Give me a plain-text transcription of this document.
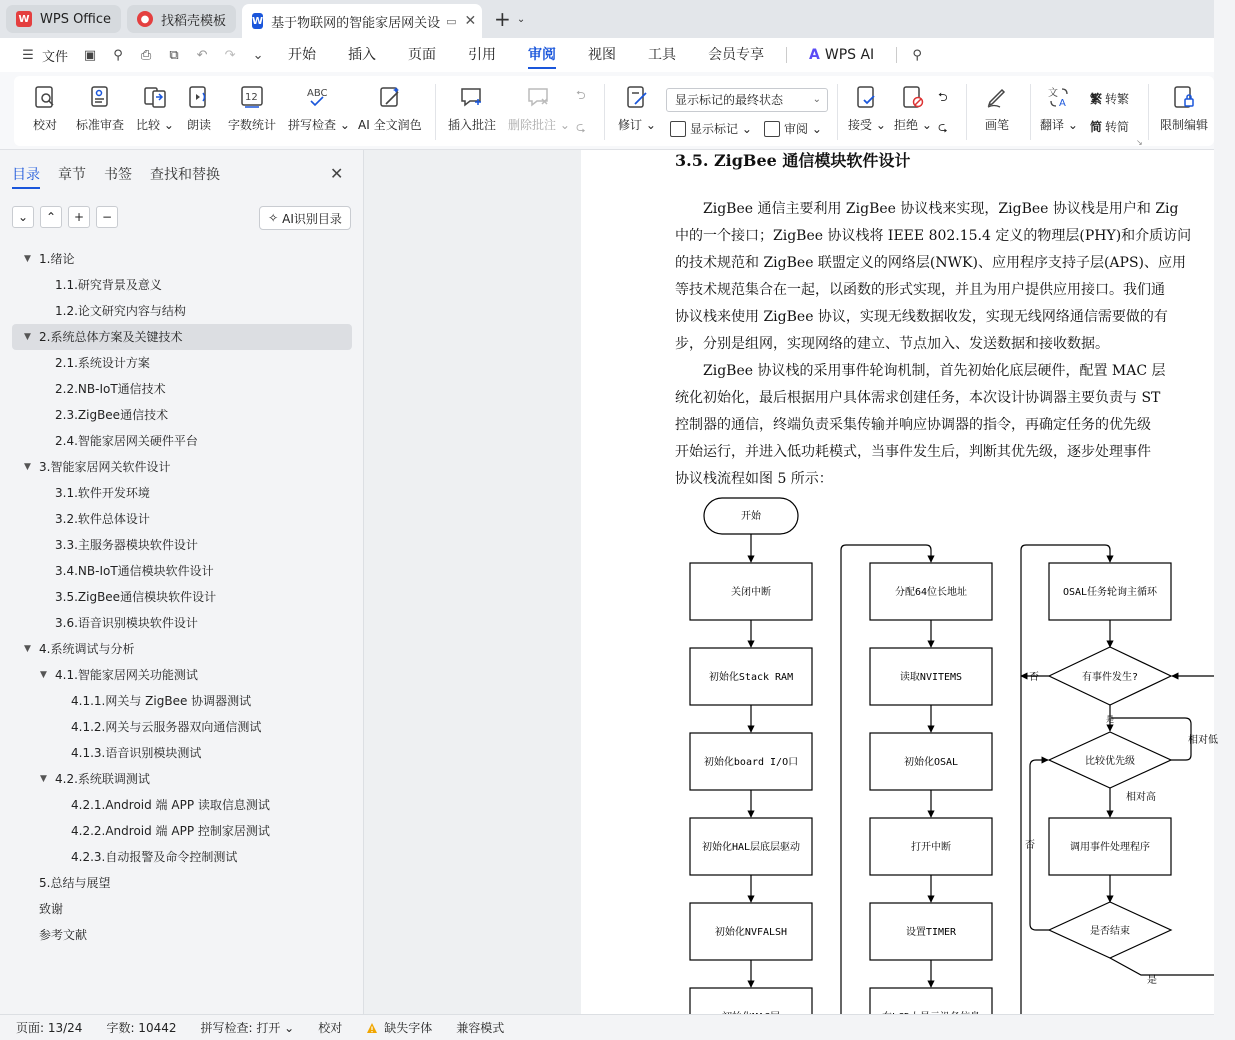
W WPS Office	● 找稻壳模板	W 基于物联网的智能家居网关设 ▭ ✕ + ⌄
☰ 文件 ▣	⚲	⎙	⧉	↶ ↷ ⌄	开始	插入	页面	引用	审阅	视图	工具	会员专享	A WPS AI	⚲
校对 标准审查 比较 ⌄ 朗读
12
字数统计
ABC
拼写检查 ⌄ AI 全文润色 插入批注 删除批注 ⌄
⮌
⮎	修订 ⌄
显示标记的最终状态	⌄
显示标记 ⌄	审阅 ⌄ 接受 ⌄ 拒绝 ⌄
⮌
⮎	画笔
文
A
翻译 ⌄
繁 转繁
简 转简
↘
限制编辑
目录 章节 书签 查找和替换	✕
⌄	⌃	+	−	✧ AI识别目录
▼ 1.绪论
1.1.研究背景及意义
1.2.论文研究内容与结构
▼ 2.系统总体方案及关键技术
2.1.系统设计方案
2.2.NB-IoT通信技术
2.3.ZigBee通信技术
2.4.智能家居网关硬件平台
▼ 3.智能家居网关软件设计
3.1.软件开发环境
3.2.软件总体设计
3.3.主服务器模块软件设计
3.4.NB-IoT通信模块软件设计
3.5.ZigBee通信模块软件设计
3.6.语音识别模块软件设计
▼ 4.系统调试与分析
▼ 4.1.智能家居网关功能测试
4.1.1.网关与 ZigBee 协调器测试
4.1.2.网关与云服务器双向通信测试
4.1.3.语音识别模块测试
▼ 4.2.系统联调测试
4.2.1.Android 端 APP 读取信息测试
4.2.2.Android 端 APP 控制家居测试
4.2.3.自动报警及命令控制测试
5.总结与展望
致谢
参考文献
3.5. ZigBee 通信模块软件设计
ZigBee 通信主要利用 ZigBee 协议栈来实现，ZigBee 协议栈是用户和 Zig
中的一个接口；ZigBee 协议栈将 IEEE 802.15.4 定义的物理层(PHY)和介质访问
的技术规范和 ZigBee 联盟定义的网络层(NWK)、应用程序支持子层(APS)、应用
等技术规范集合在一起，以函数的形式实现，并且为用户提供应用接口。我们通
协议栈来使用 ZigBee 协议，实现无线数据收发，实现无线网络通信需要做的有
步，分别是组网，实现网络的建立、节点加入、发送数据和接收数据。
ZigBee 协议栈的采用事件轮询机制，首先初始化底层硬件，配置 MAC 层
统化初始化，最后根据用户具体需求创建任务，本次设计协调器主要负责与 ST
控制器的通信，终端负责采集传输并响应协调器的指令，再确定任务的优先级
开始运行，并进入低功耗模式，当事件发生后，判断其优先级，逐步处理事件
协议栈流程如图 5 所示：
开始
关闭中断
初始化Stack RAM
初始化board I/O口
初始化HAL层底层驱动
初始化NVFALSH
分配64位长地址
读取NVITEMS
初始化OSAL
打开中断
设置TIMER
OSAL任务轮询主循环
有事件发生?
比较优先级
调用事件处理程序
是否结束
否
否
相对高
相对低
是
是
页面: 13/24 字数: 10442 拼写检查: 打开 ⌄ 校对	缺失字体 兼容模式
